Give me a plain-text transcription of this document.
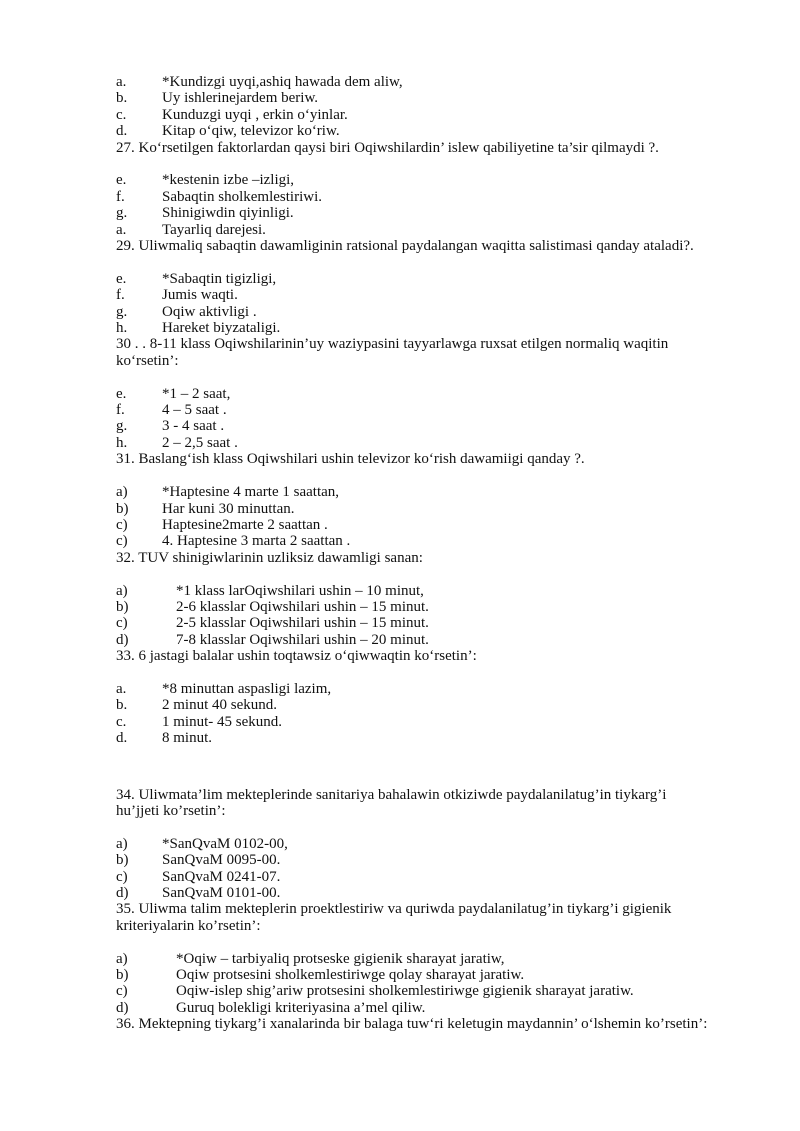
a.	*Kundizgi uyqi,ashiq hawada dem aliw,
b.	Uy ishlerinejardem beriw.
c.	Kunduzgi uyqi , erkin o‘yinlar.
d.	Kitap o‘qiw, televizor ko‘riw.
27. Ko‘rsetilgen faktorlardan qaysi biri Oqiwshilardin’ islew qabiliyetine ta’sir qilmaydi ?.
e.	*kestenin izbe –izligi,
f.	Sabaqtin sholkemlestiriwi.
g.	Shinigiwdin qiyinligi.
a.	Tayarliq darejesi.
29. Uliwmaliq sabaqtin dawamliginin ratsional paydalangan waqitta salistimasi qanday ataladi?.
e.	*Sabaqtin tigizligi,
f.	Jumis waqti.
g.	Oqiw aktivligi .
h.	Hareket biyzataligi.
30 . . 8-11 klass Oqiwshilarinin’uy waziypasini tayyarlawga ruxsat etilgen normaliq waqitin ko‘rsetin’:
e.	*1 – 2 saat,
f.	4 – 5 saat .
g.	3 - 4 saat .
h.	2 – 2,5 saat .
31. Baslang‘ish klass Oqiwshilari ushin televizor ko‘rish dawamiigi qanday ?.
a)	*Haptesine 4 marte 1 saattan,
b)	Har kuni 30 minuttan.
c)	Haptesine2marte 2 saattan .
c)	4. Haptesine 3 marta 2 saattan .
32. TUV shinigiwlarinin uzliksiz dawamligi sanan:
a)	*1 klass larOqiwshilari ushin – 10 minut,
b)	2-6 klasslar Oqiwshilari ushin – 15 minut.
c)	2-5 klasslar Oqiwshilari ushin – 15 minut.
d)	7-8 klasslar Oqiwshilari ushin – 20 minut.
33. 6 jastagi balalar ushin toqtawsiz o‘qiwwaqtin ko‘rsetin’:
a.	*8 minuttan aspasligi lazim,
b.	2 minut 40 sekund.
c.	1 minut- 45 sekund.
d.	8 minut.
34. Uliwmata’lim mekteplerinde sanitariya bahalawin otkiziwde paydalanilatug’in tiykarg’i hu’jjeti ko’rsetin’:
a)	*SanQvaM 0102-00,
b)	SanQvaM 0095-00.
c)	SanQvaM 0241-07.
d)	SanQvaM 0101-00.
35. Uliwma talim mekteplerin proektlestiriw va quriwda paydalanilatug’in tiykarg’i gigienik kriteriyalarin ko’rsetin’:
a)	*Oqiw – tarbiyaliq protseske gigienik sharayat jaratiw,
b)	Oqiw protsesini sholkemlestiriwge qolay sharayat jaratiw.
c)	Oqiw-islep shig’ariw protsesini sholkemlestiriwge gigienik sharayat jaratiw.
d)	Guruq bolekligi kriteriyasina a’mel qiliw.
36. Mektepning tiykarg’i xanalarinda bir balaga tuw‘ri keletugin maydannin’ o‘lshemin ko’rsetin’:
